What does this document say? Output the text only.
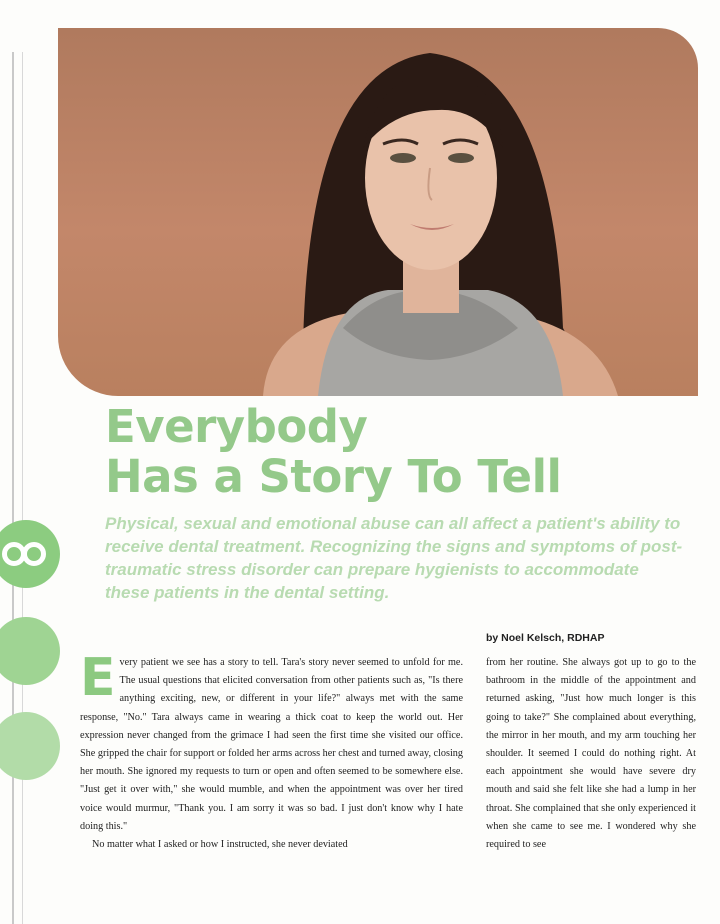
Everybody
Has a Story To Tell

Physical, sexual and emotional abuse can all affect a patient's ability to receive dental treatment. Recognizing the signs and symptoms of post-traumatic stress disorder can prepare hygienists to accommodate these patients in the dental setting.

by Noel Kelsch, RDHAP

Every patient we see has a story to tell. Tara's story never seemed to unfold for me. The usual questions that elicited conversation from other patients such as, "Is there anything exciting, new, or different in your life?" always met with the same response, "No." Tara always came in wearing a thick coat to keep the world out. Her expression never changed from the grimace I had seen the first time she visited our office. She gripped the chair for support or folded her arms across her chest and turned away, closing her mouth. She ignored my requests to turn or open and often seemed to be somewhere else. "Just get it over with," she would mumble, and when the appointment was over her tired voice would murmur, "Thank you. I am sorry it was so bad. I just don't know why I hate doing this."
No matter what I asked or how I instructed, she never deviated
from her routine. She always got up to go to the bathroom in the middle of the appointment and returned asking, "Just how much longer is this going to take?" She complained about everything, the mirror in her mouth, and my arm touching her shoulder. It seemed I could do nothing right. At each appointment she would have severe dry mouth and said she felt like she had a lump in her throat. She complained that she only experienced it when she came to see me. I wondered why she required to see
